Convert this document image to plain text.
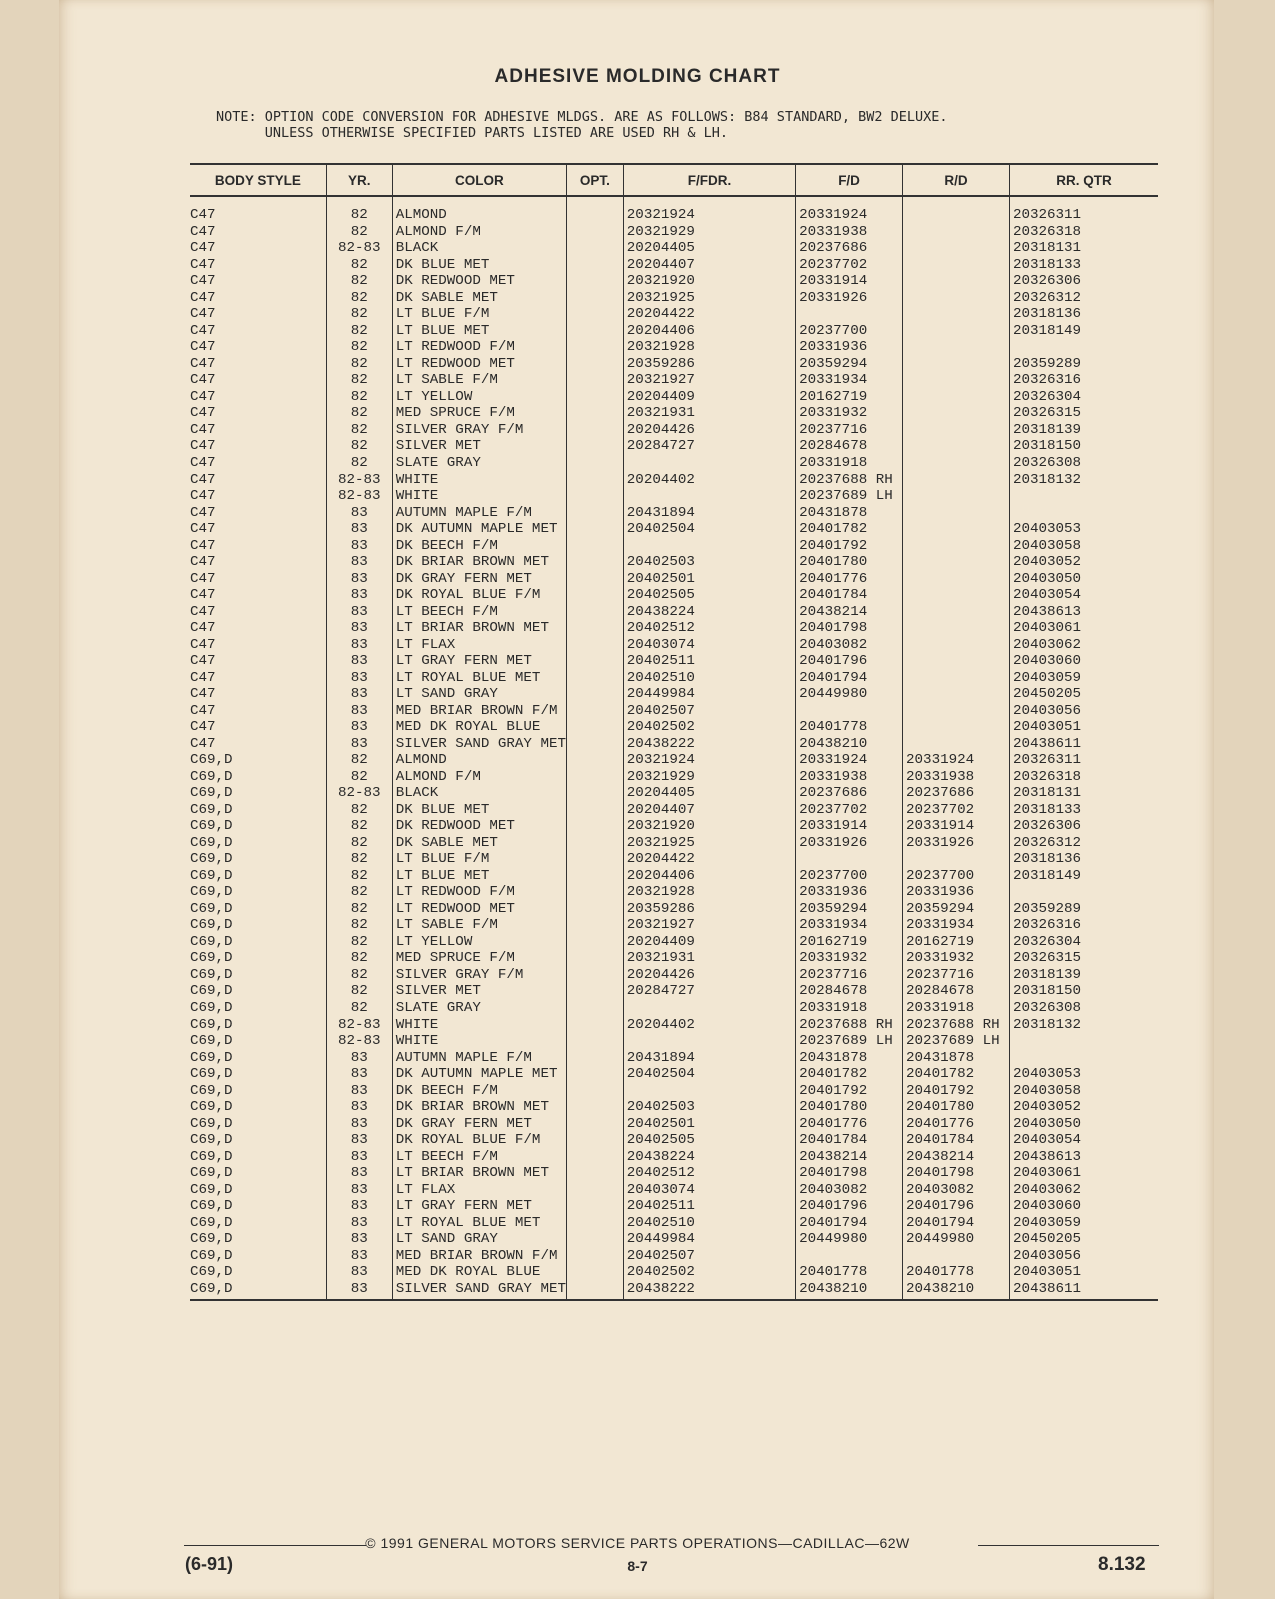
ADHESIVE MOLDING CHART
NOTE: OPTION CODE CONVERSION FOR ADHESIVE MLDGS. ARE AS FOLLOWS: B84 STANDARD, BW2 DELUXE.
UNLESS OTHERWISE SPECIFIED PARTS LISTED ARE USED RH & LH.
BODY STYLE	YR.	COLOR	OPT.	F/FDR.	F/D	R/D	RR. QTR
C47	82	ALMOND		20321924	20331924		20326311
C47	82	ALMOND F/M		20321929	20331938		20326318
C47	82-83	BLACK		20204405	20237686		20318131
C47	82	DK BLUE MET		20204407	20237702		20318133
C47	82	DK REDWOOD MET		20321920	20331914		20326306
C47	82	DK SABLE MET		20321925	20331926		20326312
C47	82	LT BLUE F/M		20204422			20318136
C47	82	LT BLUE MET		20204406	20237700		20318149
C47	82	LT REDWOOD F/M		20321928	20331936		
C47	82	LT REDWOOD MET		20359286	20359294		20359289
C47	82	LT SABLE F/M		20321927	20331934		20326316
C47	82	LT YELLOW		20204409	20162719		20326304
C47	82	MED SPRUCE F/M		20321931	20331932		20326315
C47	82	SILVER GRAY F/M		20204426	20237716		20318139
C47	82	SILVER MET		20284727	20284678		20318150
C47	82	SLATE GRAY			20331918		20326308
C47	82-83	WHITE		20204402	20237688 RH		20318132
C47	82-83	WHITE			20237689 LH		
C47	83	AUTUMN MAPLE F/M		20431894	20431878		
C47	83	DK AUTUMN MAPLE MET		20402504	20401782		20403053
C47	83	DK BEECH F/M			20401792		20403058
C47	83	DK BRIAR BROWN MET		20402503	20401780		20403052
C47	83	DK GRAY FERN MET		20402501	20401776		20403050
C47	83	DK ROYAL BLUE F/M		20402505	20401784		20403054
C47	83	LT BEECH F/M		20438224	20438214		20438613
C47	83	LT BRIAR BROWN MET		20402512	20401798		20403061
C47	83	LT FLAX		20403074	20403082		20403062
C47	83	LT GRAY FERN MET		20402511	20401796		20403060
C47	83	LT ROYAL BLUE MET		20402510	20401794		20403059
C47	83	LT SAND GRAY		20449984	20449980		20450205
C47	83	MED BRIAR BROWN F/M		20402507			20403056
C47	83	MED DK ROYAL BLUE		20402502	20401778		20403051
C47	83	SILVER SAND GRAY MET		20438222	20438210		20438611
C69,D	82	ALMOND		20321924	20331924	20331924	20326311
C69,D	82	ALMOND F/M		20321929	20331938	20331938	20326318
C69,D	82-83	BLACK		20204405	20237686	20237686	20318131
C69,D	82	DK BLUE MET		20204407	20237702	20237702	20318133
C69,D	82	DK REDWOOD MET		20321920	20331914	20331914	20326306
C69,D	82	DK SABLE MET		20321925	20331926	20331926	20326312
C69,D	82	LT BLUE F/M		20204422			20318136
C69,D	82	LT BLUE MET		20204406	20237700	20237700	20318149
C69,D	82	LT REDWOOD F/M		20321928	20331936	20331936	
C69,D	82	LT REDWOOD MET		20359286	20359294	20359294	20359289
C69,D	82	LT SABLE F/M		20321927	20331934	20331934	20326316
C69,D	82	LT YELLOW		20204409	20162719	20162719	20326304
C69,D	82	MED SPRUCE F/M		20321931	20331932	20331932	20326315
C69,D	82	SILVER GRAY F/M		20204426	20237716	20237716	20318139
C69,D	82	SILVER MET		20284727	20284678	20284678	20318150
C69,D	82	SLATE GRAY			20331918	20331918	20326308
C69,D	82-83	WHITE		20204402	20237688 RH	20237688 RH	20318132
C69,D	82-83	WHITE			20237689 LH	20237689 LH	
C69,D	83	AUTUMN MAPLE F/M		20431894	20431878	20431878	
C69,D	83	DK AUTUMN MAPLE MET		20402504	20401782	20401782	20403053
C69,D	83	DK BEECH F/M			20401792	20401792	20403058
C69,D	83	DK BRIAR BROWN MET		20402503	20401780	20401780	20403052
C69,D	83	DK GRAY FERN MET		20402501	20401776	20401776	20403050
C69,D	83	DK ROYAL BLUE F/M		20402505	20401784	20401784	20403054
C69,D	83	LT BEECH F/M		20438224	20438214	20438214	20438613
C69,D	83	LT BRIAR BROWN MET		20402512	20401798	20401798	20403061
C69,D	83	LT FLAX		20403074	20403082	20403082	20403062
C69,D	83	LT GRAY FERN MET		20402511	20401796	20401796	20403060
C69,D	83	LT ROYAL BLUE MET		20402510	20401794	20401794	20403059
C69,D	83	LT SAND GRAY		20449984	20449980	20449980	20450205
C69,D	83	MED BRIAR BROWN F/M		20402507			20403056
C69,D	83	MED DK ROYAL BLUE		20402502	20401778	20401778	20403051
C69,D	83	SILVER SAND GRAY MET		20438222	20438210	20438210	20438611
© 1991 GENERAL MOTORS SERVICE PARTS OPERATIONS—CADILLAC—62W
(6-91)	8-7	8.132
